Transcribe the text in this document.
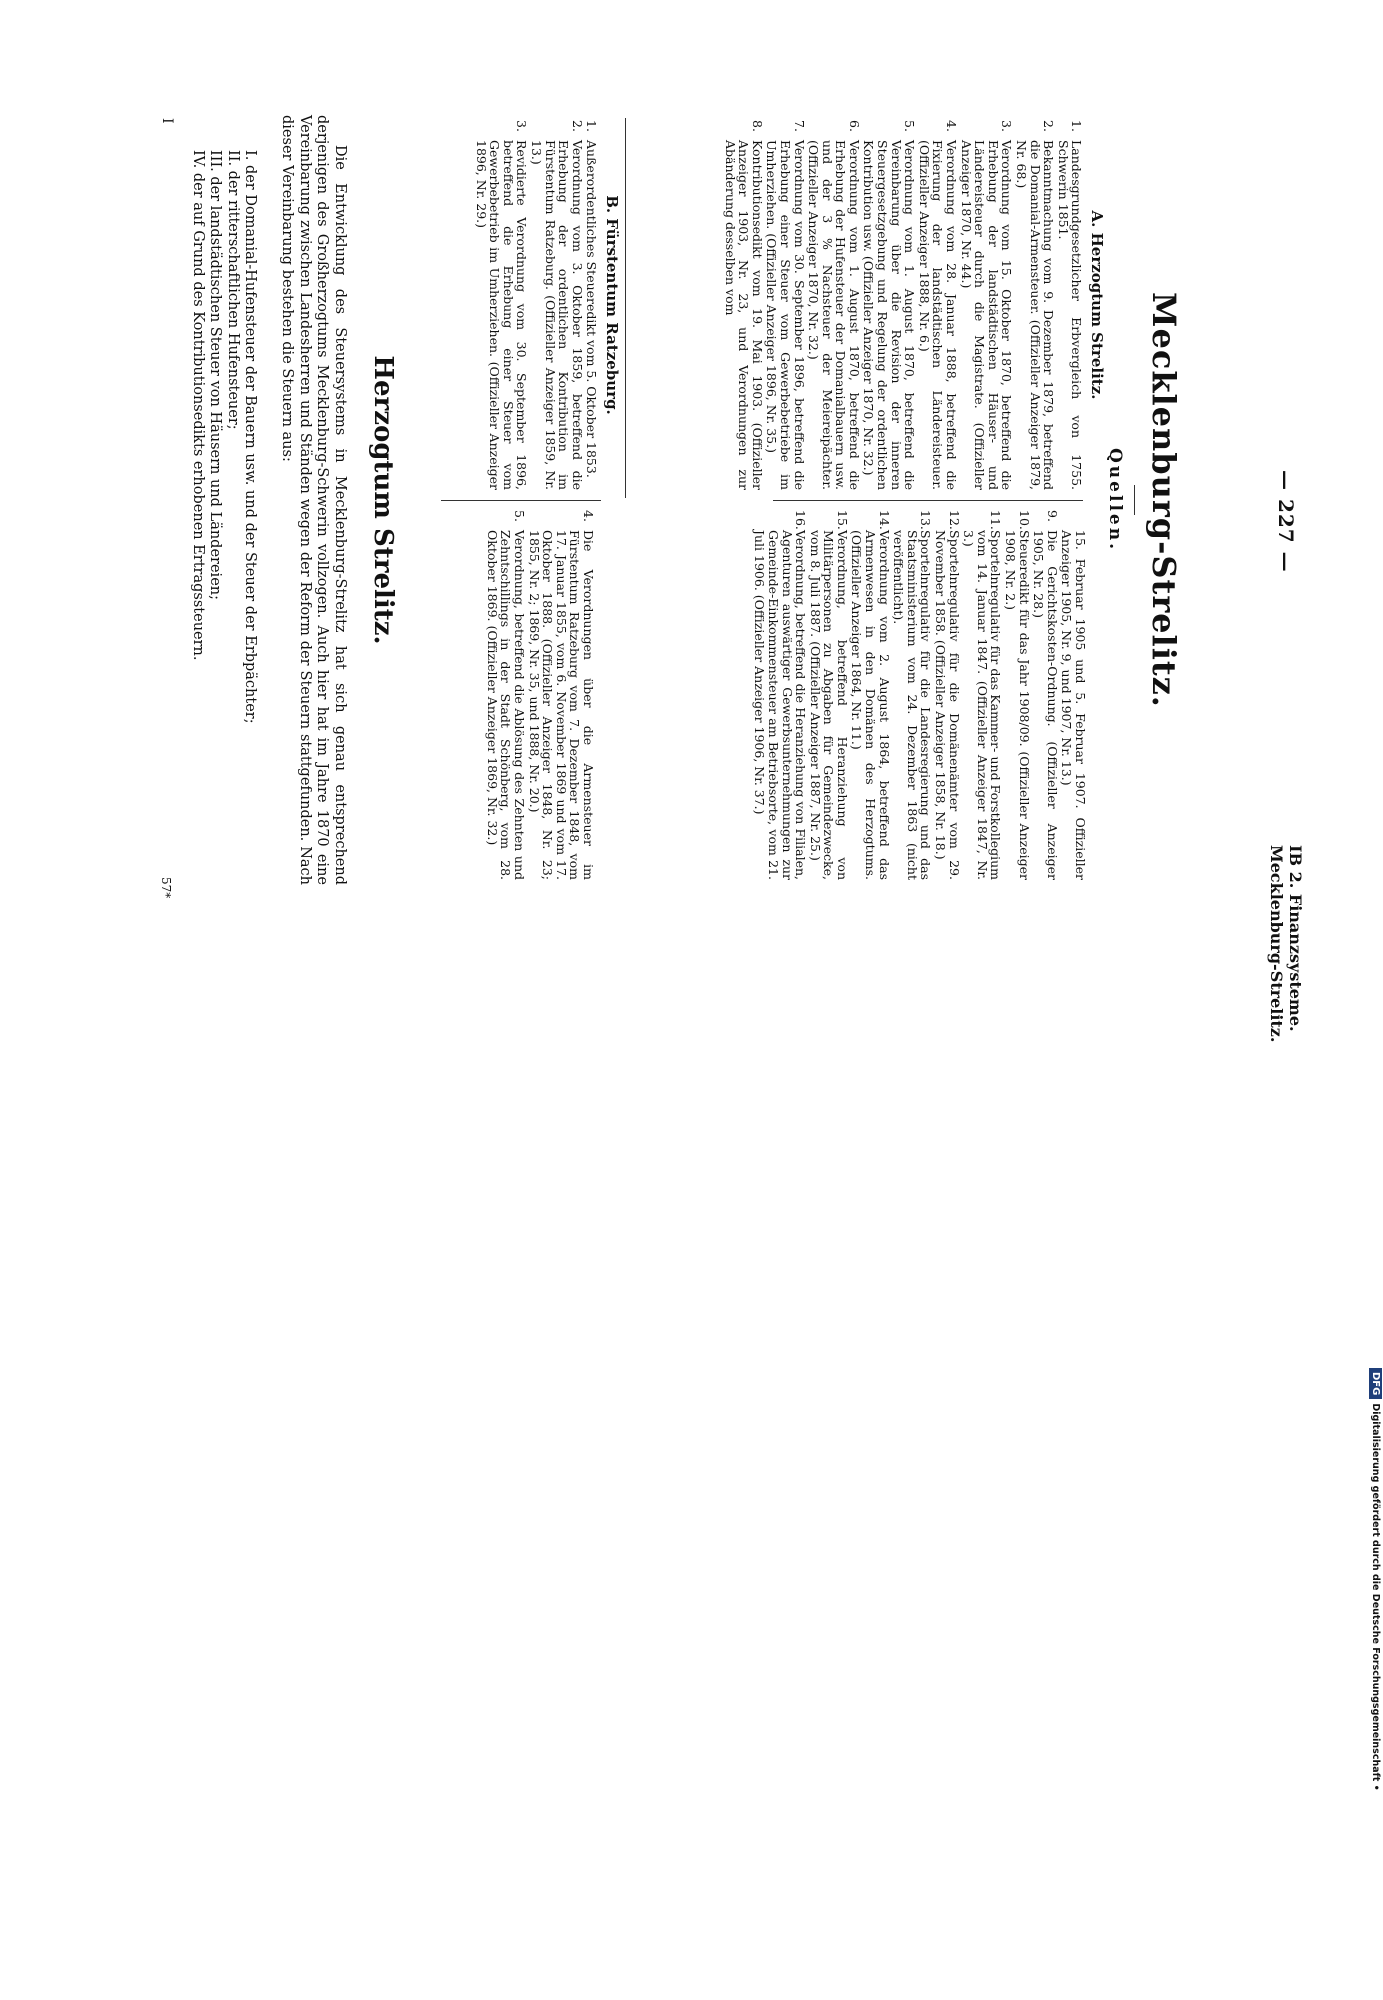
— 227 —
IB 2. Finanzsysteme.
Mecklenburg-Strelitz.
Mecklenburg-Strelitz.
Quellen.
A. Herzogtum Strelitz.
1.
Landesgrundgesetzlicher Erbvergleich von 1755. Schwerin 1851.
2.
Bekanntmachung vom 9. Dezember 1879, betreffend die Domanial-Armensteuer. (Offizieller Anzeiger 1879, Nr. 68.)
3.
Verordnung vom 15. Oktober 1870, betreffend die Erhebung der landstädtischen Häuser- und Ländereisteuer durch die Magistrate. (Offizieller Anzeiger 1870, Nr. 44.)
4.
Verordnung vom 28. Januar 1888, betreffend die Fixierung der landstädtischen Ländereisteuer. (Offizieller Anzeiger 1888, Nr. 6.)
5.
Verordnung vom 1. August 1870, betreffend die Vereinbarung über die Revision der inneren Steuergesetzgebung und Regelung der ordentlichen Kontribution usw. (Offizieller Anzeiger 1870, Nr. 32.)
6.
Verordnung vom 1. August 1870, betreffend die Erhebung der Hufensteuer der Domanialbauern usw. und der 3 % Nachsteuer der Meiereipächter. (Offizieller Anzeiger 1870, Nr. 32.)
7.
Verordnung vom 30. September 1896, betreffend die Erhebung einer Steuer vom Gewerbebetriebe im Umherziehen. (Offizieller Anzeiger 1896, Nr. 35.)
8.
Kontributionsedikt vom 19. Mai 1903. (Offizieller Anzeiger 1903, Nr. 23, und Verordnungen zur Abänderung desselben vom
15. Februar 1905 und 5. Februar 1907. Offizieller Anzeiger 1905, Nr. 9, und 1907, Nr. 13.)
9.
Die Gerichtskosten-Ordnung. (Offizieller Anzeiger 1905, Nr. 28.)
10.
Steueredikt für das Jahr 1908/09. (Offizieller Anzeiger 1908, Nr. 2.)
11.
Sportelnregulativ für das Kammer- und Forstkollegium vom 14. Januar 1847. (Offizieller Anzeiger 1847, Nr. 3.)
12.
Sportelnregulativ für die Domänenämter vom 29. November 1858. (Offizieller Anzeiger 1858, Nr. 18.)
13.
Sportelnregulativ für die Landesregierung und das Staatsministerium vom 24. Dezember 1863 (nicht veröffentlicht).
14.
Verordnung vom 2. August 1864, betreffend das Armenwesen in den Domänen des Herzogtums. (Offizieller Anzeiger 1864, Nr. 11.)
15.
Verordnung, betreffend Heranziehung von Militärpersonen zu Abgaben für Gemeindezwecke, vom 8. Juli 1887. (Offizieller Anzeiger 1887, Nr. 25.)
16.
Verordnung, betreffend die Heranziehung von Filialen, Agenturen auswärtiger Gewerbsunternehmungen zur Gemeinde-Einkommensteuer am Betriebsorte, vom 21. Juli 1906. (Offizieller Anzeiger 1906, Nr. 37.)
B. Fürstentum Ratzeburg.
1.
Außerordentliches Steueredikt vom 5. Oktober 1853.
2.
Verordnung vom 3. Oktober 1859, betreffend die Erhebung der ordentlichen Kontribution im Fürstentum Ratzeburg. (Offizieller Anzeiger 1859, Nr. 13.)
3.
Revidierte Verordnung vom 30. September 1896, betreffend die Erhebung einer Steuer vom Gewerbebetrieb im Umherziehen. (Offizieller Anzeiger 1896, Nr. 29.)
4.
Die Verordnungen über die Armensteuer im Fürstentum Ratzeburg vom 7. Dezember 1848, vom 17. Januar 1855, vom 6. November 1869 und vom 17. Oktober 1888. (Offizieller Anzeiger 1848, Nr. 23; 1855, Nr. 2; 1869, Nr. 35, und 1888, Nr. 20.)
5.
Verordnung, betreffend die Ablösung des Zehnten und Zehntschillings in der Stadt Schönberg, vom 28. Oktober 1869. (Offizieller Anzeiger 1869, Nr. 32.)
Herzogtum Strelitz.
Die Entwicklung des Steuersystems in Mecklenburg-Strelitz hat sich genau entsprechend derjenigen des Großherzogtums Mecklenburg-Schwerin vollzogen. Auch hier hat im Jahre 1870 eine Vereinbarung zwischen Landesherren und Ständen wegen der Reform der Steuern stattgefunden. Nach dieser Vereinbarung bestehen die Steuern aus:
I. der Domanial-Hufensteuer der Bauern usw. und der Steuer der Erbpächter;
II. der ritterschaftlichen Hufensteuer;
III. der landstädtischen Steuer von Häusern und Ländereien;
IV. der auf Grund des Kontributionsedikts erhobenen Ertragssteuern.
I
57*
DFG
Digitalisierung gefördert durch die Deutsche Forschungsgemeinschaft •
